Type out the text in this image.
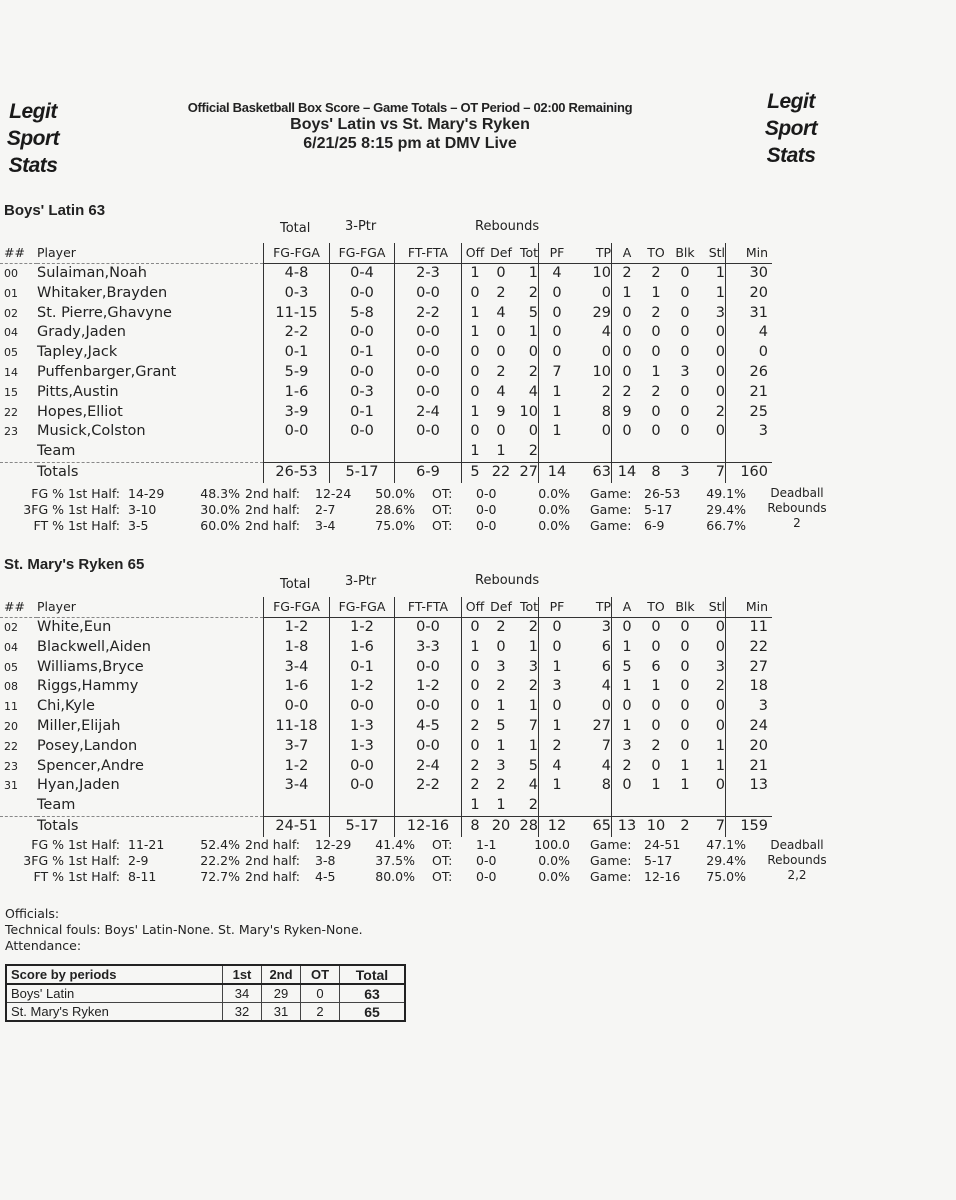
Legit
Sport
Stats
Legit
Sport
Stats
Official Basketball Box Score – Game Totals – OT Period – 02:00 Remaining
Boys' Latin vs St. Mary's Ryken
6/21/25 8:15 pm at DMV Live
Boys' Latin 63
Total	3-Ptr	Rebounds
##	Player	FG-FGA	FG-FGA	FT-FTA	Off	Def	Tot	PF	TP	A	TO	Blk	Stl	Min
00	Sulaiman,Noah	4-8	0-4	2-3	1	0	1	4	10	2	2	0	1	30
01	Whitaker,Brayden	0-3	0-0	0-0	0	2	2	0	0	1	1	0	1	20
02	St. Pierre,Ghavyne	11-15	5-8	2-2	1	4	5	0	29	0	2	0	3	31
04	Grady,Jaden	2-2	0-0	0-0	1	0	1	0	4	0	0	0	0	4
05	Tapley,Jack	0-1	0-1	0-0	0	0	0	0	0	0	0	0	0	0
14	Puffenbarger,Grant	5-9	0-0	0-0	0	2	2	7	10	0	1	3	0	26
15	Pitts,Austin	1-6	0-3	0-0	0	4	4	1	2	2	2	0	0	21
22	Hopes,Elliot	3-9	0-1	2-4	1	9	10	1	8	9	0	0	2	25
23	Musick,Colston	0-0	0-0	0-0	0	0	0	1	0	0	0	0	0	3
	Team				1	1	2							
	Totals	26-53	5-17	6-9	5	22	27	14	63	14	8	3	7	160
FG % 1st Half: 14-29	48.3% 2nd half: 12-24 50.0% OT: 0-0	0.0% Game: 26-53 49.1%
3FG % 1st Half: 3-10	30.0% 2nd half: 2-7	28.6% OT: 0-0	0.0% Game: 5-17	29.4%
FT % 1st Half: 3-5	60.0% 2nd half: 3-4	75.0% OT: 0-0	0.0% Game: 6-9	66.7%
Deadball
Rebounds
2
St. Mary's Ryken 65
Total	3-Ptr	Rebounds
##	Player	FG-FGA	FG-FGA	FT-FTA	Off	Def	Tot	PF	TP	A	TO	Blk	Stl	Min
02	White,Eun	1-2	1-2	0-0	0	2	2	0	3	0	0	0	0	11
04	Blackwell,Aiden	1-8	1-6	3-3	1	0	1	0	6	1	0	0	0	22
05	Williams,Bryce	3-4	0-1	0-0	0	3	3	1	6	5	6	0	3	27
08	Riggs,Hammy	1-6	1-2	1-2	0	2	2	3	4	1	1	0	2	18
11	Chi,Kyle	0-0	0-0	0-0	0	1	1	0	0	0	0	0	0	3
20	Miller,Elijah	11-18	1-3	4-5	2	5	7	1	27	1	0	0	0	24
22	Posey,Landon	3-7	1-3	0-0	0	1	1	2	7	3	2	0	1	20
23	Spencer,Andre	1-2	0-0	2-4	2	3	5	4	4	2	0	1	1	21
31	Hyan,Jaden	3-4	0-0	2-2	2	2	4	1	8	0	1	1	0	13
	Team				1	1	2							
	Totals	24-51	5-17	12-16	8	20	28	12	65	13	10	2	7	159
FG % 1st Half: 11-21	52.4% 2nd half: 12-29 41.4% OT: 1-1	100.0 Game: 24-51 47.1%
3FG % 1st Half: 2-9	22.2% 2nd half: 3-8	37.5% OT: 0-0	0.0% Game: 5-17	29.4%
FT % 1st Half: 8-11	72.7% 2nd half: 4-5	80.0% OT: 0-0	0.0% Game: 12-16 75.0%
Deadball
Rebounds
2,2
Officials:
Technical fouls: Boys' Latin-None. St. Mary's Ryken-None.
Attendance:
Score by periods	1st	2nd	OT	Total
Boys' Latin	34	29	0	63
St. Mary's Ryken	32	31	2	65
